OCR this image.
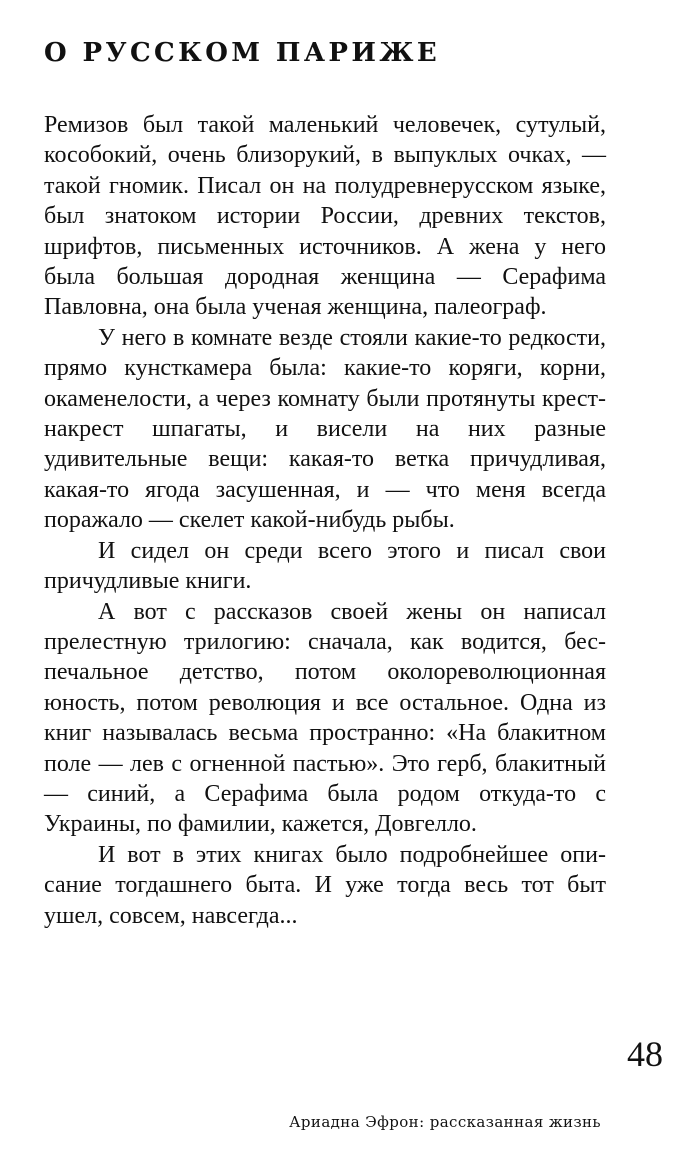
О РУССКОМ ПАРИЖЕ

Ремизов был такой маленький человечек, сутулый, кособокий, очень близорукий, в выпуклых очках, — такой гномик. Писал он на полудревнерусском языке, был знатоком истории России, древних текстов, шрифтов, письменных источников. А жена у него была большая дородная женщина — Серафима Павловна, она была ученая женщина, палеограф.

У него в комнате везде стояли какие-то редкости, прямо кунсткамера была: какие-то коряги, корни, окаменелости, а через комнату были протянуты крест-накрест шпагаты, и висели на них разные удивительные вещи: какая-то ветка причудливая, какая-то ягода засушенная, и — что меня всегда поражало — скелет какой-нибудь рыбы.

И сидел он среди всего этого и писал свои причудливые книги.

А вот с рассказов своей жены он написал прелестную трилогию: сначала, как водится, беспечальное детство, потом околореволюционная юность, потом революция и все остальное. Одна из книг называлась весьма пространно: «На блакитном поле — лев с огненной пастью». Это герб, блакитный — синий, а Серафима была родом откуда-то с Украины, по фамилии, кажется, Довгелло.

И вот в этих книгах было подробнейшее описание тогдашнего быта. И уже тогда весь тот быт ушел, совсем, навсегда...

48
Ариадна Эфрон: рассказанная жизнь
